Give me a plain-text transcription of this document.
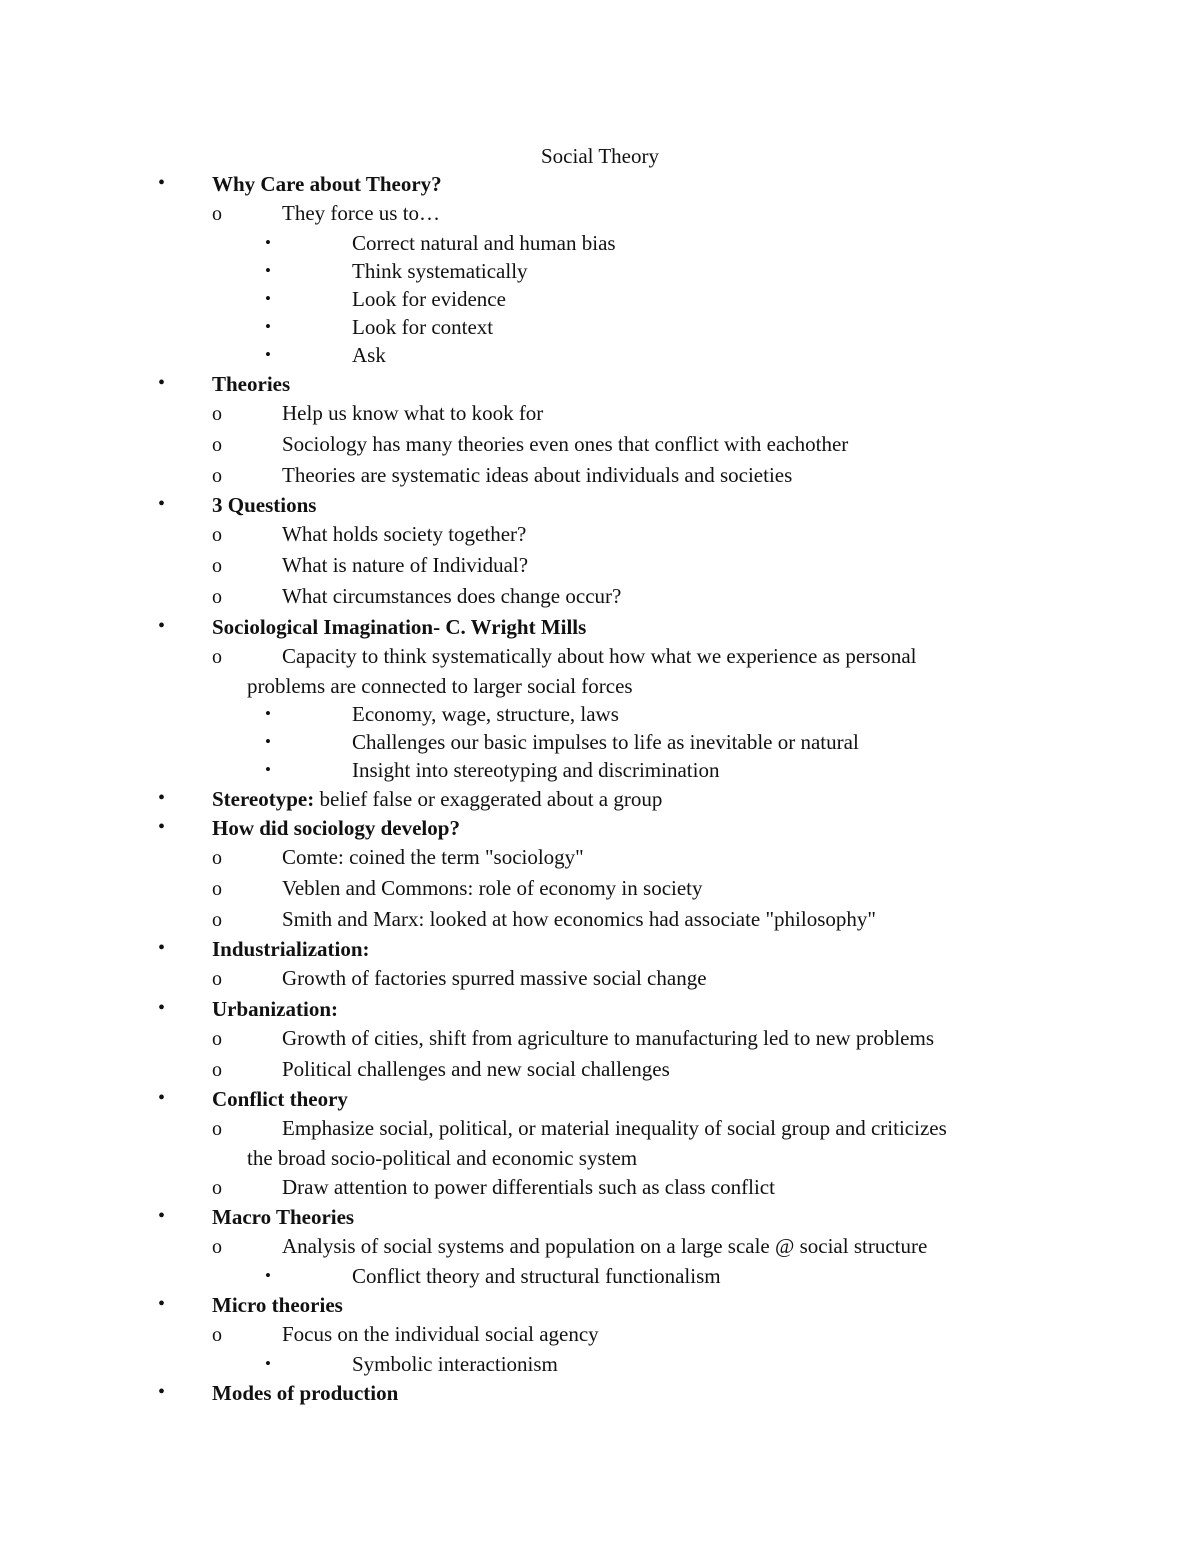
Social Theory
• Why Care about Theory?
o	They force us to…
•	Correct natural and human bias
•	Think systematically
•	Look for evidence
•	Look for context
•	Ask
• Theories
o	Help us know what to kook for
o	Sociology has many theories even ones that conflict with eachother
o	Theories are systematic ideas about individuals and societies
• 3 Questions
o	What holds society together?
o	What is nature of Individual?
o	What circumstances does change occur?
• Sociological Imagination- C. Wright Mills
o	Capacity to think systematically about how what we experience as personal
problems are connected to larger social forces
•	Economy, wage, structure, laws
•	Challenges our basic impulses to life as inevitable or natural
•	Insight into stereotyping and discrimination
• Stereotype: belief false or exaggerated about a group
• How did sociology develop?
o	Comte: coined the term "sociology"
o	Veblen and Commons: role of economy in society
o	Smith and Marx: looked at how economics had associate "philosophy"
• Industrialization:
o	Growth of factories spurred massive social change
• Urbanization:
o	Growth of cities, shift from agriculture to manufacturing led to new problems
o	Political challenges and new social challenges
• Conflict theory
o	Emphasize social, political, or material inequality of social group and criticizes
the broad socio-political and economic system
o	Draw attention to power differentials such as class conflict
• Macro Theories
o	Analysis of social systems and population on a large scale @ social structure
•	Conflict theory and structural functionalism
• Micro theories
o	Focus on the individual social agency
•	Symbolic interactionism
• Modes of production
